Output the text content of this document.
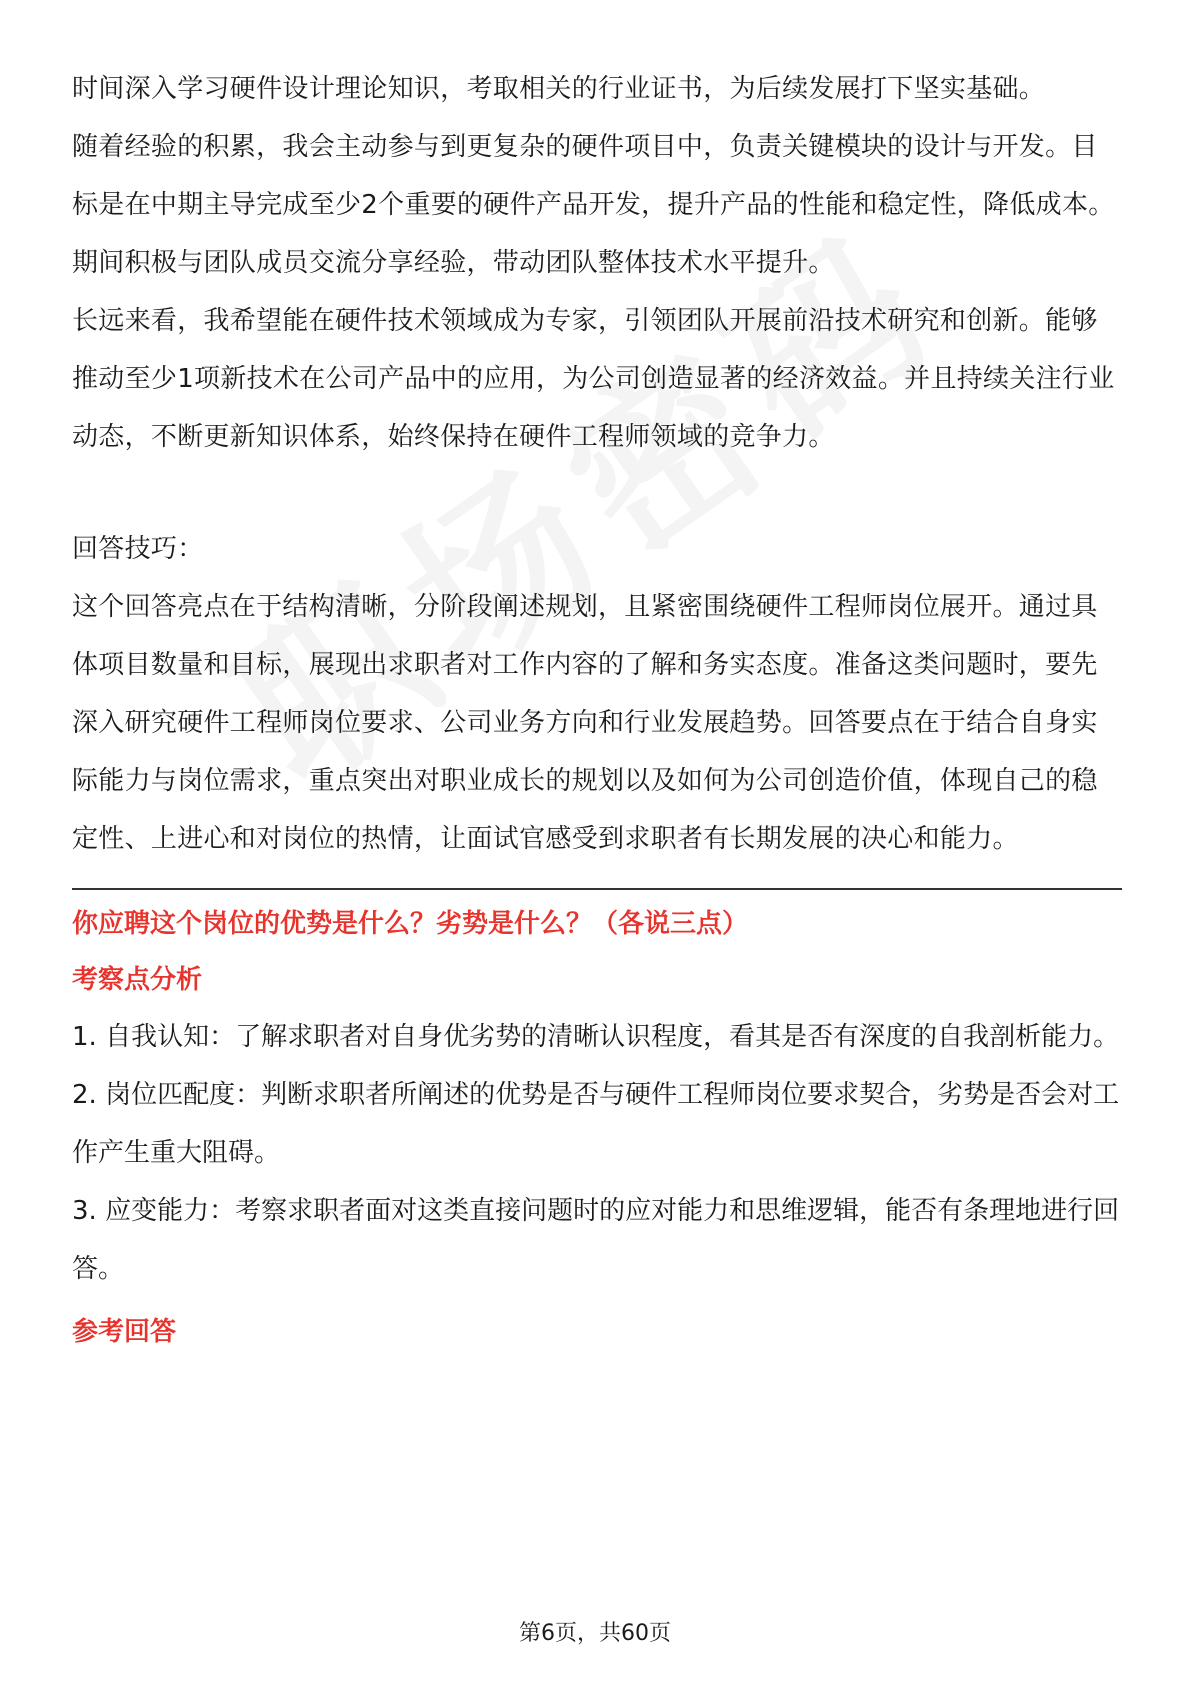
时间深入学习硬件设计理论知识，考取相关的行业证书，为后续发展打下坚实基础。

随着经验的积累，我会主动参与到更复杂的硬件项目中，负责关键模块的设计与开发。目标是在中期主导完成至少2个重要的硬件产品开发，提升产品的性能和稳定性，降低成本。期间积极与团队成员交流分享经验，带动团队整体技术水平提升。

长远来看，我希望能在硬件技术领域成为专家，引领团队开展前沿技术研究和创新。能够推动至少1项新技术在公司产品中的应用，为公司创造显著的经济效益。并且持续关注行业动态，不断更新知识体系，始终保持在硬件工程师领域的竞争力。

回答技巧：

这个回答亮点在于结构清晰，分阶段阐述规划，且紧密围绕硬件工程师岗位展开。通过具体项目数量和目标，展现出求职者对工作内容的了解和务实态度。准备这类问题时，要先深入研究硬件工程师岗位要求、公司业务方向和行业发展趋势。回答要点在于结合自身实际能力与岗位需求，重点突出对职业成长的规划以及如何为公司创造价值，体现自己的稳定性、上进心和对岗位的热情，让面试官感受到求职者有长期发展的决心和能力。

你应聘这个岗位的优势是什么？劣势是什么？（各说三点）

考察点分析

1. 自我认知：了解求职者对自身优劣势的清晰认识程度，看其是否有深度的自我剖析能力。

2. 岗位匹配度：判断求职者所阐述的优势是否与硬件工程师岗位要求契合，劣势是否会对工作产生重大阻碍。

3. 应变能力：考察求职者面对这类直接问题时的应对能力和思维逻辑，能否有条理地进行回答。

参考回答

第6页，共60页
